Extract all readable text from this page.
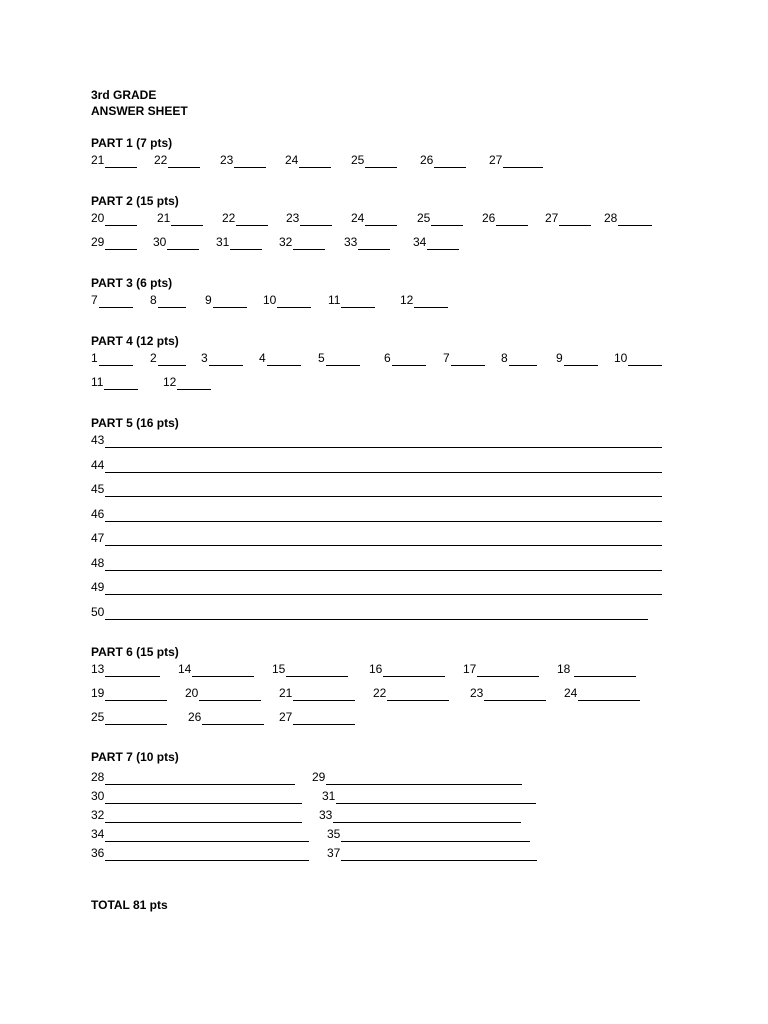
3rd GRADE
ANSWER SHEET
PART 1 (7 pts)
21	22	23	24	25	26	27
PART 2 (15 pts)
20	21	22	23	24	25	26	27	28
29	30	31	32	33	34
PART 3 (6 pts)
7	8	9	10	11	12
PART 4 (12 pts)
1	2	3	4	5	6	7	8	9	10
11	12
PART 5 (16 pts)
43
44
45
46
47
48
49
50
PART 6 (15 pts)
13	14	15	16	17	18
19	20	21	22	23	24
25	26	27
PART 7 (10 pts)
28	29
30	31
32	33
34	35
36	37
TOTAL 81 pts
